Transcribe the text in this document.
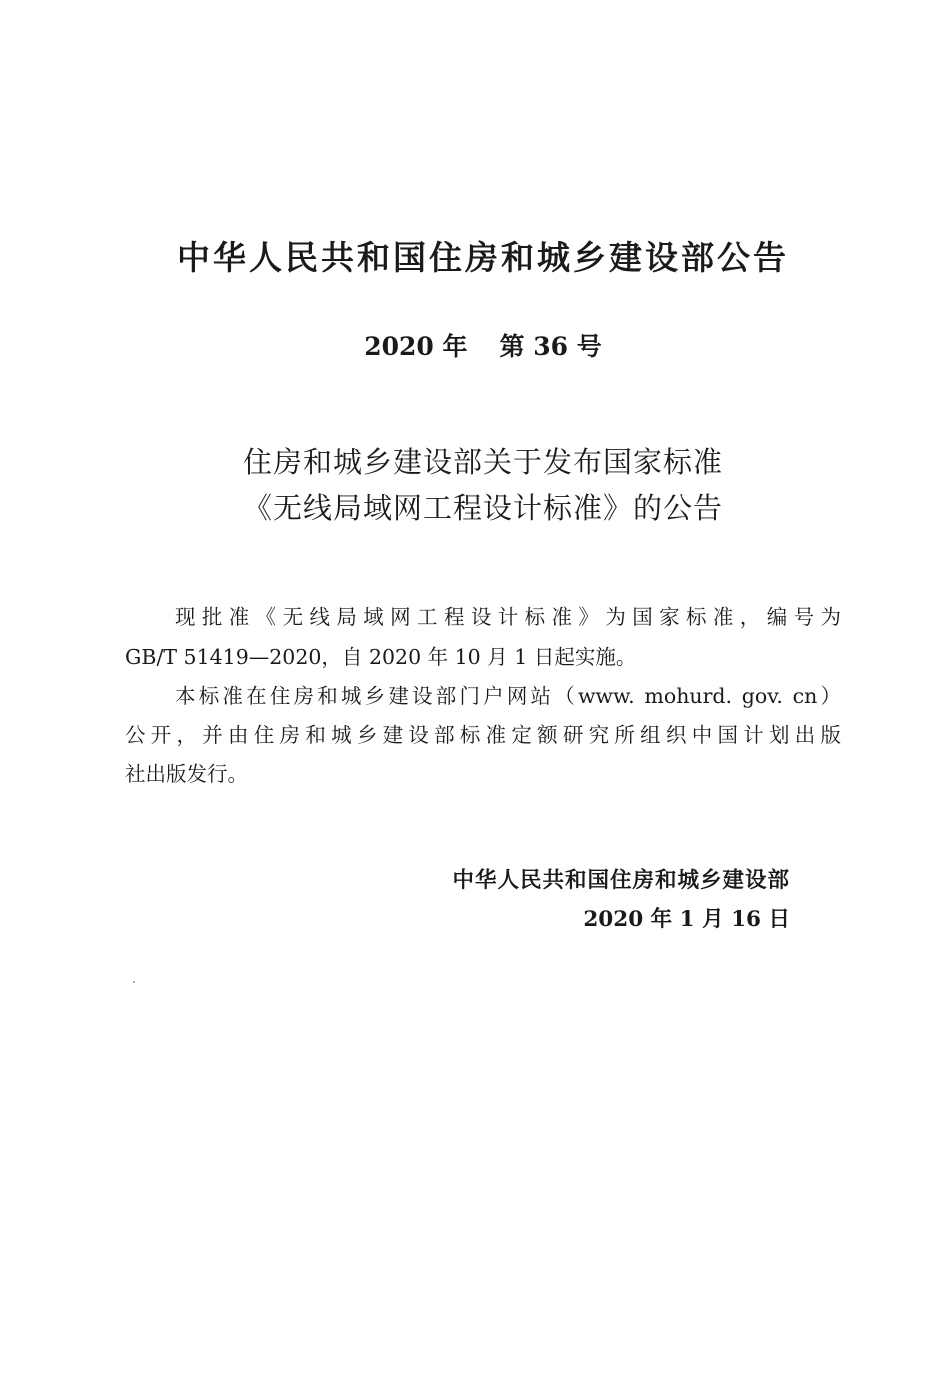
中华人民共和国住房和城乡建设部公告
2020 年 第 36 号
住房和城乡建设部关于发布国家标准
《无线局域网工程设计标准》的公告
现批准《无线局域网工程设计标准》为国家标准，编号为
GB/T 51419—2020，自 2020 年 10 月 1 日起实施。
本标准在住房和城乡建设部门户网站（www. mohurd. gov. cn）
公开，并由住房和城乡建设部标准定额研究所组织中国计划出版
社出版发行。
中华人民共和国住房和城乡建设部
2020 年 1 月 16 日
